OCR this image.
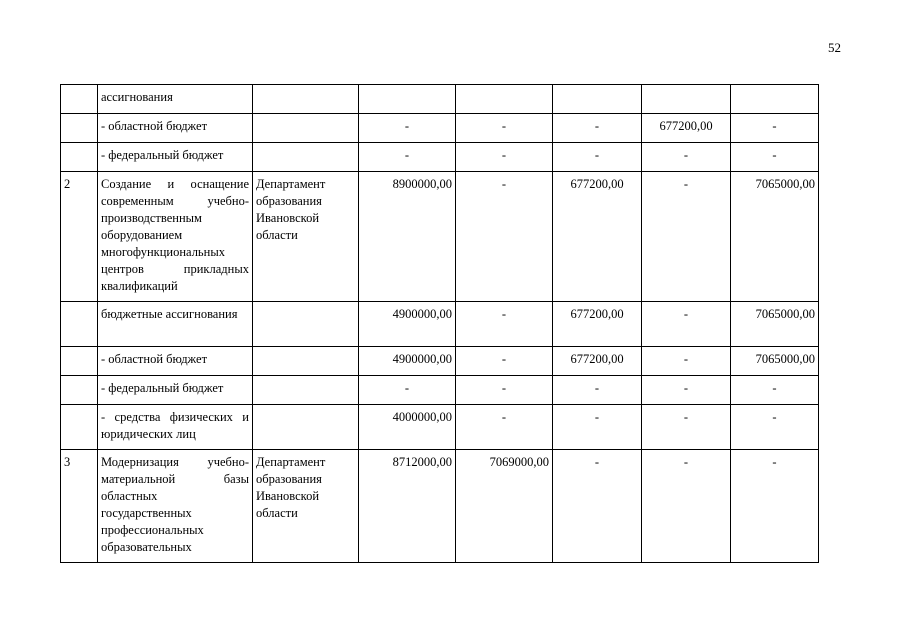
52
	ассигнования						
	- областной бюджет		-	-	-	677200,00	-
	- федеральный бюджет		-	-	-	-	-
2	Создание и оснащение современным учебно-производственным оборудованием многофункциональных центров прикладных квалификаций	Департамент образования Ивановской области	8900000,00	-	677200,00	-	7065000,00
	бюджетные ассигнования		4900000,00	-	677200,00	-	7065000,00
	- областной бюджет		4900000,00	-	677200,00	-	7065000,00
	- федеральный бюджет		-	-	-	-	-
	- средства физических и юридических лиц		4000000,00	-	-	-	-
3	Модернизация учебно-материальной базы областных государственных профессиональных образовательных	Департамент образования Ивановской области	8712000,00	7069000,00	-	-	-
